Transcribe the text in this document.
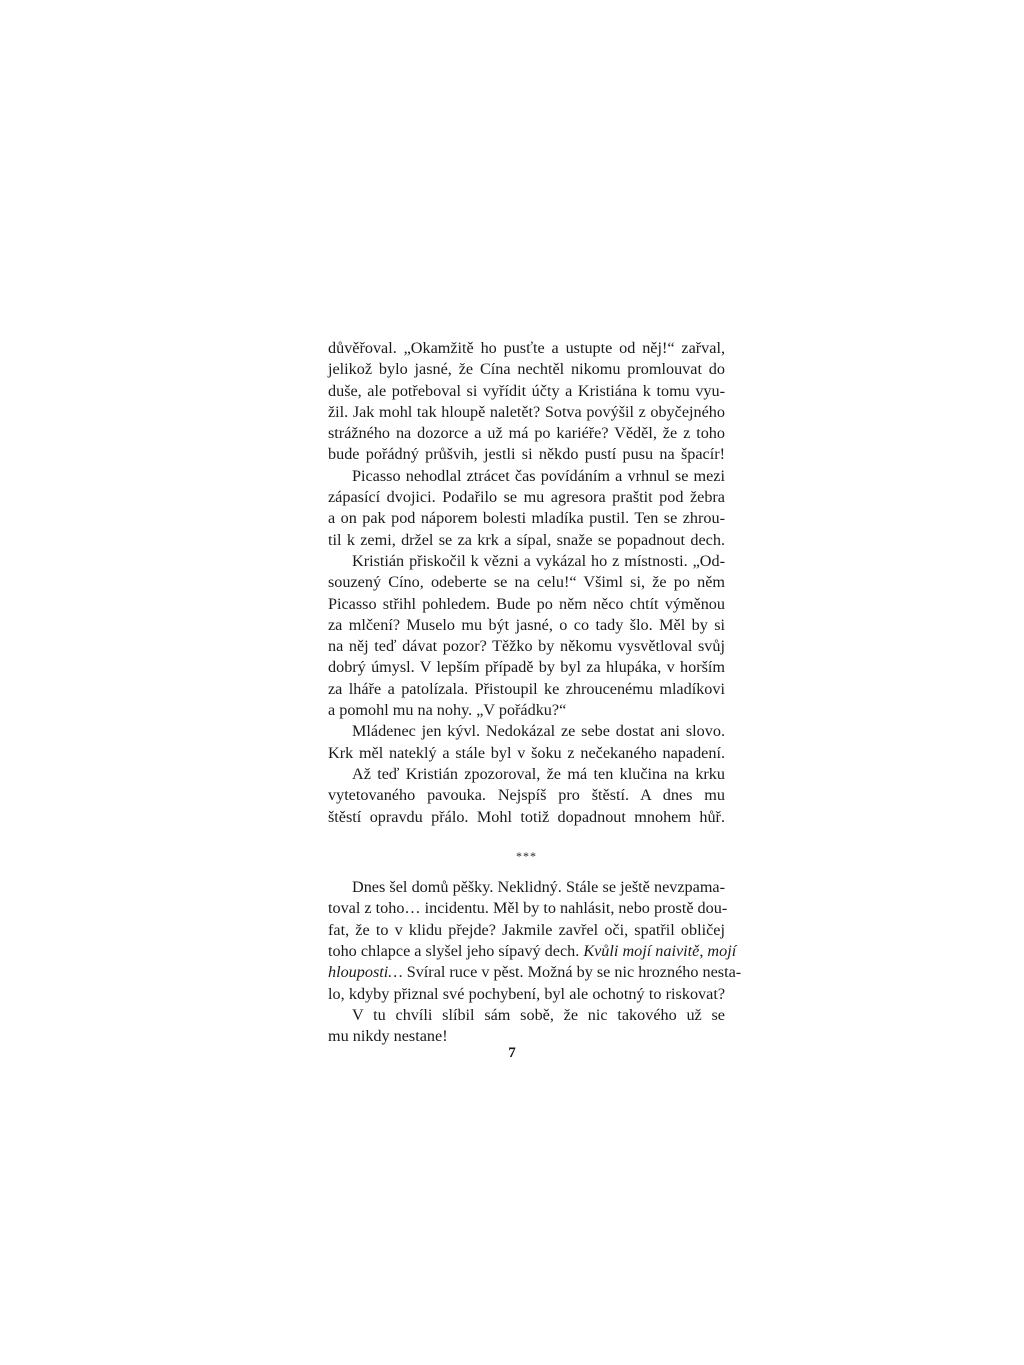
důvěřoval. „Okamžitě ho pusťte a ustupte od něj!“ zařval,
jelikož bylo jasné, že Cína nechtěl nikomu promlouvat do
duše, ale potřeboval si vyřídit účty a Kristiána k tomu vyu-
žil. Jak mohl tak hloupě naletět? Sotva povýšil z obyčejného
strážného na dozorce a už má po kariéře? Věděl, že z toho
bude pořádný průšvih, jestli si někdo pustí pusu na špacír!
Picasso nehodlal ztrácet čas povídáním a vrhnul se mezi
zápasící dvojici. Podařilo se mu agresora praštit pod žebra
a on pak pod náporem bolesti mladíka pustil. Ten se zhrou-
til k zemi, držel se za krk a sípal, snaže se popadnout dech.
Kristián přiskočil k vězni a vykázal ho z místnosti. „Od-
souzený Cíno, odeberte se na celu!“ Všiml si, že po něm
Picasso střihl pohledem. Bude po něm něco chtít výměnou
za mlčení? Muselo mu být jasné, o co tady šlo. Měl by si
na něj teď dávat pozor? Těžko by někomu vysvětloval svůj
dobrý úmysl. V lepším případě by byl za hlupáka, v horším
za lháře a patolízala. Přistoupil ke zhroucenému mladíkovi
a pomohl mu na nohy. „V pořádku?“
Mládenec jen kývl. Nedokázal ze sebe dostat ani slovo.
Krk měl nateklý a stále byl v šoku z nečekaného napadení.
Až teď Kristián zpozoroval, že má ten klučina na krku
vytetovaného pavouka. Nejspíš pro štěstí. A dnes mu
štěstí opravdu přálo. Mohl totiž dopadnout mnohem hůř.
***
Dnes šel domů pěšky. Neklidný. Stále se ještě nevzpama-
toval z toho… incidentu. Měl by to nahlásit, nebo prostě dou-
fat, že to v klidu přejde? Jakmile zavřel oči, spatřil obličej
toho chlapce a slyšel jeho sípavý dech. Kvůli mojí naivitě, mojí
hlouposti… Svíral ruce v pěst. Možná by se nic hrozného nesta-
lo, kdyby přiznal své pochybení, byl ale ochotný to riskovat?
V tu chvíli slíbil sám sobě, že nic takového už se
mu nikdy nestane!
7
